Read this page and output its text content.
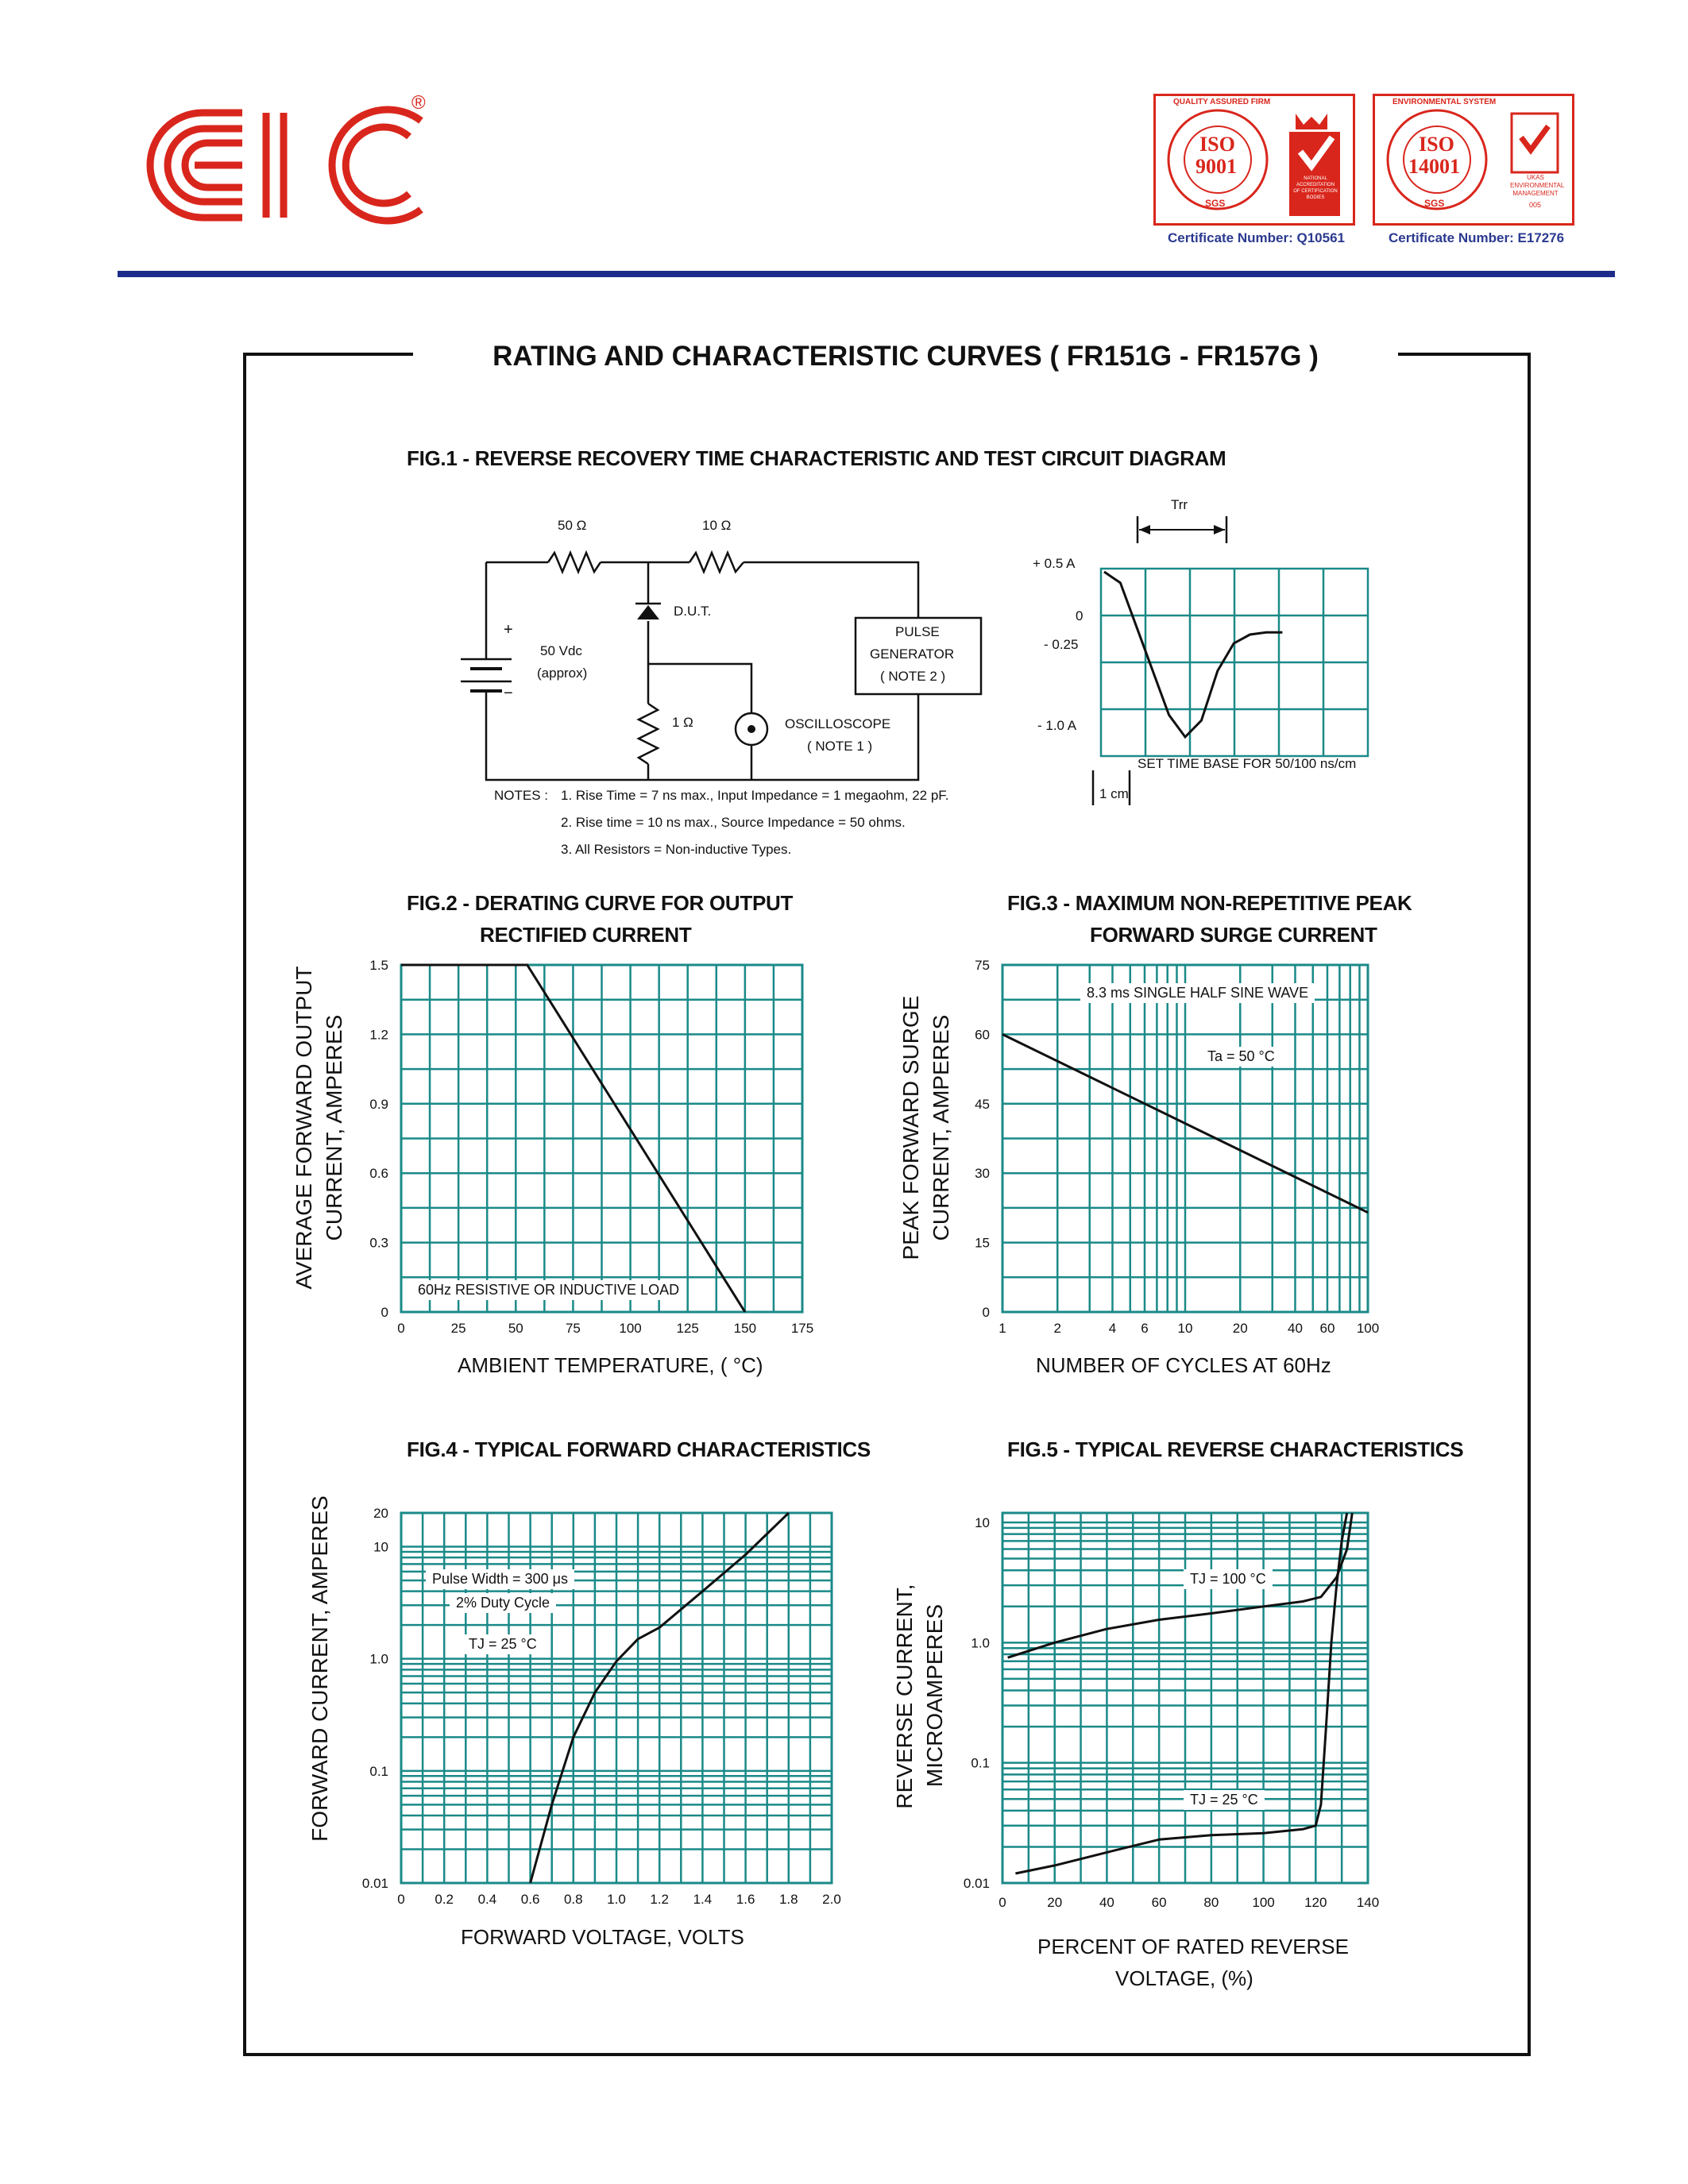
®	QUALITY ASSURED FIRM
ISO
9001
SGS
NATIONAL ACCREDITATION OF CERTIFICATION BODIES
Certificate Number: Q10561
ENVIRONMENTAL SYSTEM
ISO
14001
SGS
UKAS ENVIRONMENTAL MANAGEMENT
005
Certificate Number: E17276
RATING AND CHARACTERISTIC CURVES ( FR151G - FR157G )
FIG.1 - REVERSE RECOVERY TIME CHARACTERISTIC AND TEST CIRCUIT DIAGRAM
50 Ω	10 Ω
D.U.T.
+
−
50 Vdc
(approx)
1 Ω
PULSE
GENERATOR
( NOTE 2 )
OSCILLOSCOPE
( NOTE 1 )
NOTES : 1. Rise Time = 7 ns max., Input Impedance = 1 megaohm, 22 pF.
2. Rise time = 10 ns max., Source Impedance = 50 ohms.
3. All Resistors = Non-inductive Types.
Trr
1 cm
+ 0.5 A
0
- 0.25
- 1.0 A
SET TIME BASE FOR 50/100 ns/cm
FIG.2 - DERATING CURVE FOR OUTPUT
RECTIFIED CURRENT
AVERAGE FORWARD OUTPUT CURRENT, AMPERES
AMBIENT TEMPERATURE, ( °C)
FIG.3 - MAXIMUM NON-REPETITIVE PEAK
FORWARD SURGE CURRENT
PEAK FORWARD SURGE CURRENT, AMPERES
NUMBER OF CYCLES AT 60Hz
FIG.4 - TYPICAL FORWARD CHARACTERISTICS
FORWARD CURRENT, AMPERES
FORWARD VOLTAGE, VOLTS
FIG.5 - TYPICAL REVERSE CHARACTERISTICS
REVERSE CURRENT, MICROAMPERES
PERCENT OF RATED REVERSE
VOLTAGE, (%)
0	25	50	75	100	125	150	175
0
0.3
0.6
0.9
1.2
1.5
1	2	4 6 10	20	40 60 100
0
15
30
45
60
75
0 0.2 0.4 0.6 0.8 1.0 1.2 1.4 1.6 1.8 2.0
0.01
0.1
1.0
10
20
0	20	40	60	80 100 120 140
0.01
0.1
1.0
10
60Hz RESISTIVE OR INDUCTIVE LOAD
8.3 ms SINGLE HALF SINE WAVE
Ta = 50 °C
Pulse Width = 300 μs
2% Duty Cycle
TJ = 25 °C
TJ = 100 °C
TJ = 25 °C
